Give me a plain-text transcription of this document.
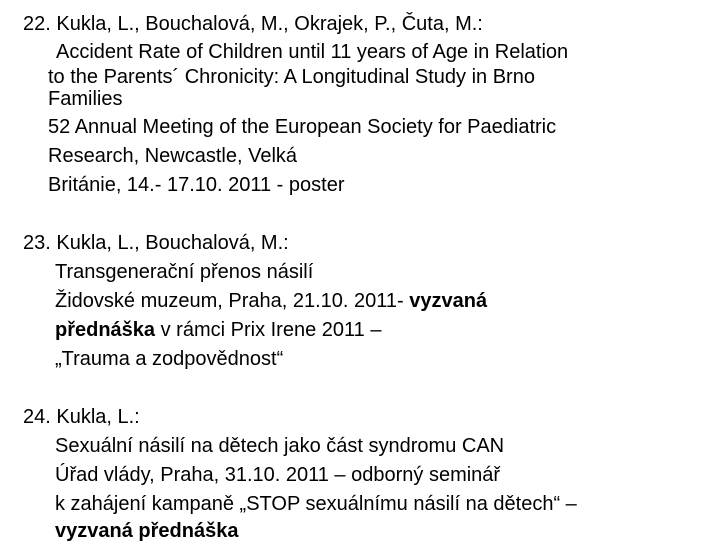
22. Kukla, L., Bouchalová, M., Okrajek, P., Čuta, M.:
Accident Rate of Children until 11 years of Age in Relation
to the Parents´ Chronicity: A Longitudinal Study in Brno
Families
52 Annual Meeting of the European Society for Paediatric
Research, Newcastle, Velká
Británie, 14.- 17.10. 2011 - poster
23. Kukla, L., Bouchalová, M.:
Transgenerační přenos násilí
Židovské muzeum, Praha, 21.10. 2011- vyzvaná
přednáška v rámci Prix Irene 2011 –
„Trauma a zodpovědnost“
24. Kukla, L.:
Sexuální násilí na dětech jako část syndromu CAN
Úřad vlády, Praha, 31.10. 2011 – odborný seminář
k zahájení kampaně „STOP sexuálnímu násilí na dětech“ –
vyzvaná přednáška
